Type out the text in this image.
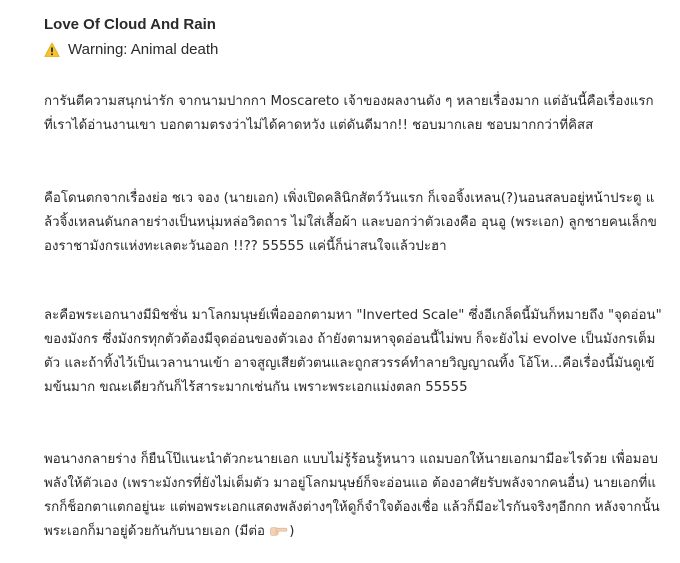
Love Of Cloud And Rain
Warning: Animal death

การันตีความสนุกน่ารัก จากนามปากกา Moscareto เจ้าของผลงานดัง ๆ หลายเรื่องมาก แต่อันนี้คือเรื่องแรกที่เราได้อ่านงานเขา บอกตามตรงว่าไม่ได้คาดหวัง แต่ดันดีมาก!! ชอบมากเลย ชอบมากกว่าที่คิสส

คือโดนตกจากเรื่องย่อ ชเว จอง (นายเอก) เพิ่งเปิดคลินิกสัตว์วันแรก ก็เจอจิ้งเหลน(?)นอนสลบอยู่หน้าประตู แล้วจิ้งเหลนดันกลายร่างเป็นหนุ่มหล่อวิตถาร ไม่ใส่เสื้อผ้า และบอกว่าตัวเองคือ อุนอู (พระเอก) ลูกชายคนเล็กของราชามังกรแห่งทะเลตะวันออก !!?? 55555 แค่นี้ก็น่าสนใจแล้วปะฮา

ละคือพระเอกนางมีมิชชั่น มาโลกมนุษย์เพื่อออกตามหา "Inverted Scale" ซึ่งอีเกล็ดนี้มันก็หมายถึง "จุดอ่อน" ของมังกร ซึ่งมังกรทุกตัวต้องมีจุดอ่อนของตัวเอง ถ้ายังตามหาจุดอ่อนนี้ไม่พบ ก็จะยังไม่ evolve เป็นมังกรเต็มตัว และถ้าทิ้งไว้เป็นเวลานานเข้า อาจสูญเสียตัวตนและถูกสวรรค์ทำลายวิญญาณทิ้ง โอ้โห...คือเรื่องนี้มันดูเข้มข้นมาก ขณะเดียวกันก็ไร้สาระมากเช่นกัน เพราะพระเอกแม่งตลก 55555

พอนางกลายร่าง ก็ยืนโป๊แนะนำตัวกะนายเอก แบบไม่รู้ร้อนรู้หนาว แถมบอกให้นายเอกมามีอะไรด้วย เพื่อมอบพลังให้ตัวเอง (เพราะมังกรที่ยังไม่เต็มตัว มาอยู่โลกมนุษย์ก็จะอ่อนแอ ต้องอาศัยรับพลังจากคนอื่น) นายเอกที่แรกก็ช็อกตาแตกอยู่นะ แต่พอพระเอกแสดงพลังต่างๆให้ดูก็จำใจต้องเชื่อ แล้วก็มีอะไรกันจริงๆอีกกก หลังจากนั้นพระเอกก็มาอยู่ด้วยกันกับนายเอก (มีต่อ )
